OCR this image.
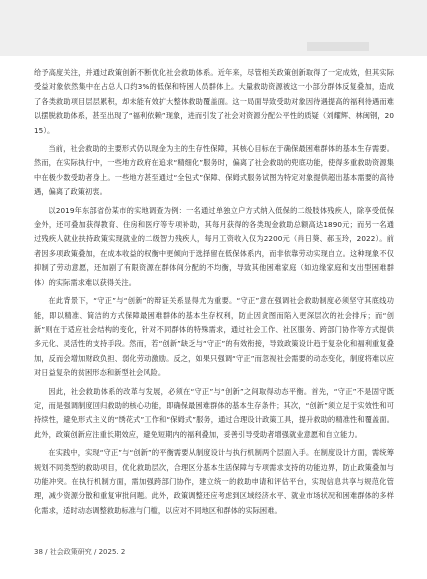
给予高度关注，并通过政策创新不断优化社会救助体系。近年来，尽管相关政策创新取得了一定成效，但其实际受益对象依然集中在占总人口约3%的低保和特困人员群体上。大量救助资源被这一小部分群体反复叠加，造成了各类救助项目层层累积，却未能有效扩大整体救助覆盖面。这一局面导致受助对象因待遇提高的福利待遇而难以摆脱救助体系，甚至出现了“福利依赖”现象，进而引发了社会对资源分配公平性的质疑（刘耀辉、林闽钢，2015）。

当前，社会救助的主要形式仍以现金为主的生存性保障，其核心目标在于确保最困难群体的基本生存需要。然而，在实际执行中，一些地方政府在追求“精细化”服务时，偏离了社会救助的兜底功能，使得多重救助资源集中在极少数受助者身上。一些地方甚至通过“全包式”保障、保姆式服务试图为特定对象提供超出基本需要的高待遇，偏离了政策初衷。

以2019年东部省份某市的实地调查为例：一名通过单独立户方式纳入低保的二级肢体残疾人，除享受低保金外，还可叠加获得教育、住房和医疗等专项补助，其每月获得的各类现金救助总额高达1890元；而另一名通过残疾人就业扶持政策实现就业的二级智力残疾人，每月工资收入仅为2200元（肖日葵、郝玉玲，2022）。前者因多项政策叠加，在成本收益的权衡中更倾向于选择留在低保体系内，而非依靠劳动实现自立。这种现象不仅抑制了劳动意愿，还加剧了有限资源在群体间分配的不均衡，导致其他困难家庭（如边缘家庭和支出型困难群体）的实际需求难以获得关注。

在此背景下，“守正”与“创新”的辩证关系显得尤为重要。“守正”意在强调社会救助制度必须坚守其底线功能，即以精准、简洁的方式保障最困难群体的基本生存权利，防止因贪图而陷入更深层次的社会排斥；而“创新”则在于适应社会结构的变化，针对不同群体的特殊需求，通过社会工作、社区服务、跨部门协作等方式提供多元化、灵活性的支持手段。然而，若“创新”缺乏与“守正”的有效衔接，导致政策设计趋于复杂化和福利重复叠加，反而会增加财政负担、弱化劳动激励。反之，如果只强调“守正”而忽视社会需要的动态变化，制度将难以应对日益复杂的贫困形态和新型社会风险。

因此，社会救助体系的改革与发展，必须在“守正”与“创新”之间取得动态平衡。首先，“守正”不是固守既定，而是强调制度回归救助的核心功能，即确保最困难群体的基本生存条件；其次，“创新”须立足于实效性和可持续性，避免形式主义的“绣花式”工作和“保姆式”服务，通过合理设计政策工具，提升救助的精准性和覆盖面。此外，政策创新应注重长期效应，避免短期内的福利叠加，妥善引导受助者增强就业意愿和自立能力。

在实践中，实现“守正”与“创新”的平衡需要从制度设计与执行机制两个层面入手。在制度设计方面，需统筹规划不同类型的救助项目，优化救助层次，合理区分基本生活保障与专项需求支持的功能边界，防止政策叠加与功能冲突。在执行机制方面，需加强跨部门协作，建立统一的救助申请和评估平台，实现信息共享与规范化管理，减少资源分散和重复审批问题。此外，政策调整还应考虑到区域经济水平、就业市场状况和困难群体的多样化需求，适时动态调整救助标准与门槛，以应对不同地区和群体的实际困难。

38 / 社会政策研究 / 2025. 2
